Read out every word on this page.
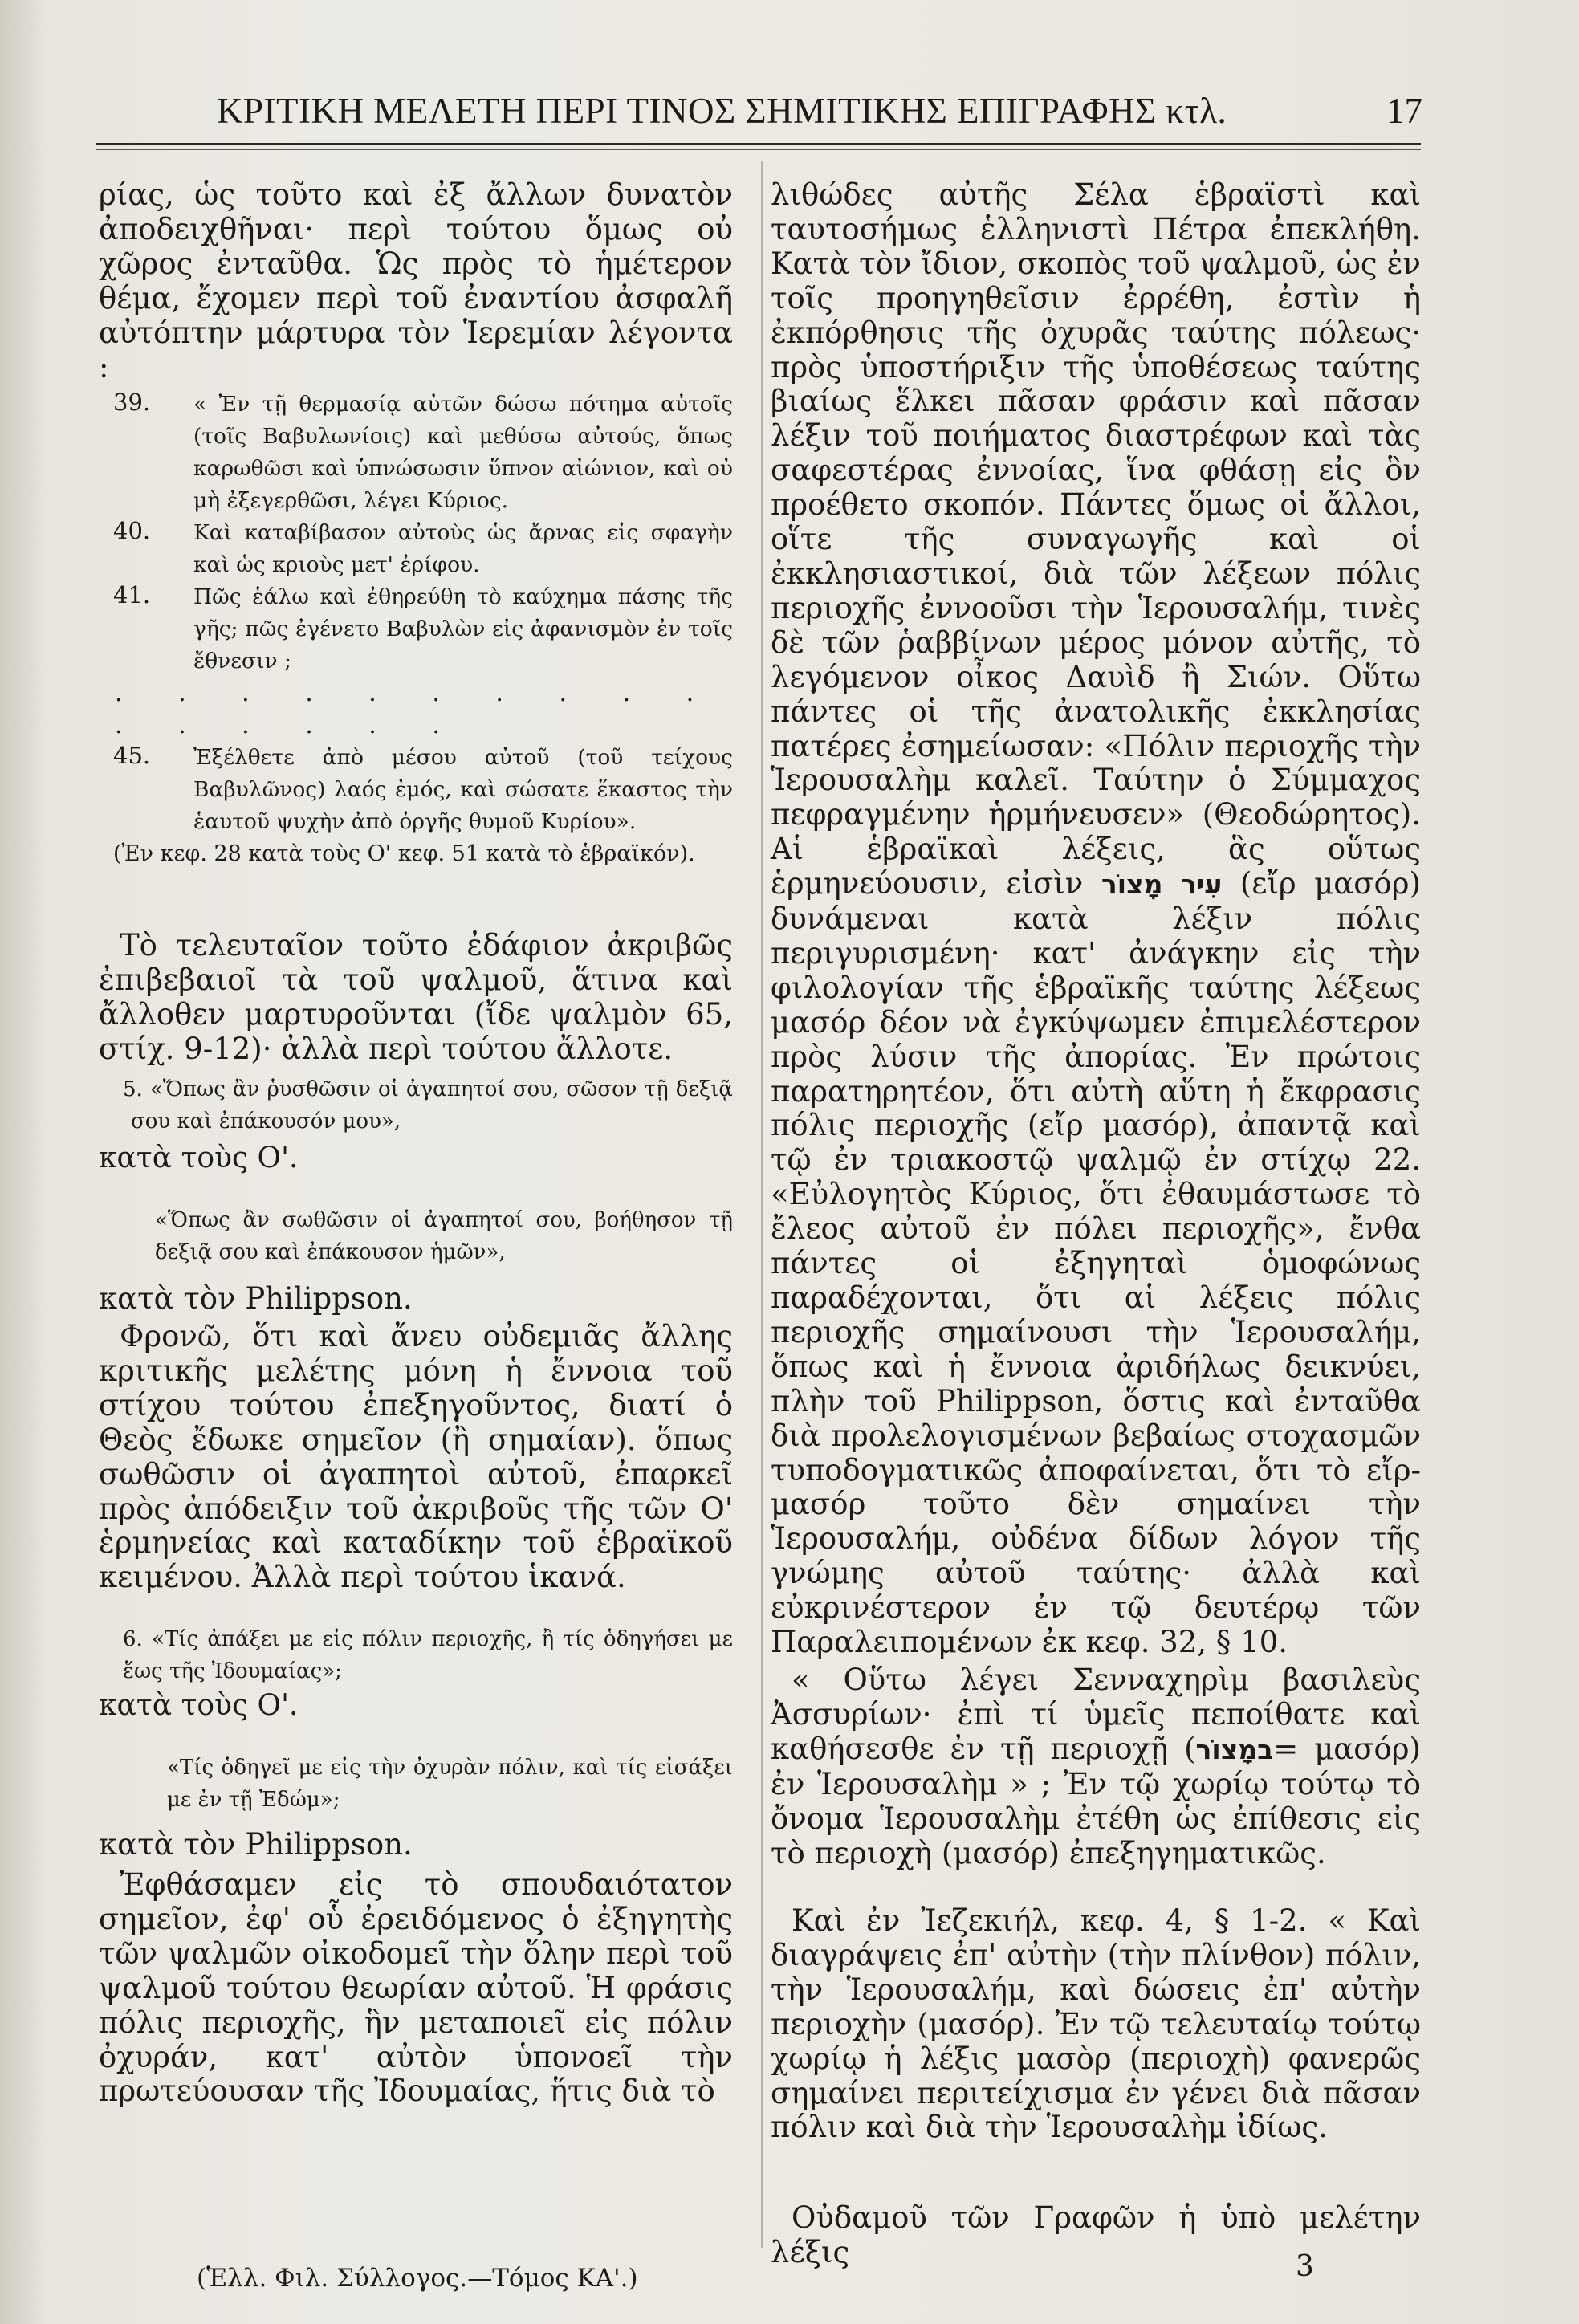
ΚΡΙΤΙΚΗ ΜΕΛΕΤΗ ΠΕΡΙ ΤΙΝΟΣ ΣΗΜΙΤΙΚΗΣ ΕΠΙΓΡΑΦΗΣ κτλ.	17

ρίας, ὡς τοῦτο καὶ ἐξ ἄλλων δυνατὸν ἀποδειχθῆναι· περὶ τούτου ὅμως οὐ χῶρος ἐνταῦθα. Ὡς πρὸς τὸ ἡμέτερον θέμα, ἔχομεν περὶ τοῦ ἐναντίου ἀσφαλῆ αὐτόπτην μάρτυρα τὸν Ἱερεμίαν λέγοντα :

39. « Ἐν τῇ θερμασίᾳ αὐτῶν δώσω πότημα αὐτοῖς (τοῖς Βαβυλωνίοις) καὶ μεθύσω αὐτούς, ὅπως καρωθῶσι καὶ ὑπνώσωσιν ὕπνον αἰώνιον, καὶ οὐ μὴ ἐξεγερθῶσι, λέγει Κύριος.

40. Καὶ καταβίβασον αὐτοὺς ὡς ἄρνας εἰς σφαγὴν καὶ ὡς κριοὺς μετ' ἐρίφου.

41. Πῶς ἑάλω καὶ ἐθηρεύθη τὸ καύχημα πάσης τῆς γῆς; πῶς ἐγένετο Βαβυλὼν εἰς ἀφανισμὸν ἐν τοῖς ἔθνεσιν ;

. . . . . . . . . . . . . . . .
45. Ἐξέλθετε ἀπὸ μέσου αὐτοῦ (τοῦ τείχους Βαβυλῶνος) λαός ἐμός, καὶ σώσατε ἕκαστος τὴν ἑαυτοῦ ψυχὴν ἀπὸ ὀργῆς θυμοῦ Κυρίου».

(Ἐν κεφ. 28 κατὰ τοὺς Ο' κεφ. 51 κατὰ τὸ ἑβραϊκόν).

Τὸ τελευταῖον τοῦτο ἐδάφιον ἀκριβῶς ἐπιβεβαιοῖ τὰ τοῦ ψαλμοῦ, ἅτινα καὶ ἄλλοθεν μαρτυροῦνται (ἴδε ψαλμὸν 65, στίχ. 9-12)· ἀλλὰ περὶ τούτου ἄλλοτε.

5. «Ὅπως ἂν ῥυσθῶσιν οἱ ἀγαπητοί σου, σῶσον τῇ δεξιᾷ σου καὶ ἐπάκουσόν μου»,

κατὰ τοὺς Ο'.

«Ὅπως ἂν σωθῶσιν οἱ ἀγαπητοί σου, βοήθησον τῇ δεξιᾷ σου καὶ ἐπάκουσον ἡμῶν»,

κατὰ τὸν Philippson.

Φρονῶ, ὅτι καὶ ἄνευ οὐδεμιᾶς ἄλλης κριτικῆς μελέτης μόνη ἡ ἔννοια τοῦ στίχου τούτου ἐπεξηγοῦντος, διατί ὁ Θεὸς ἔδωκε σημεῖον (ἢ σημαίαν). ὅπως σωθῶσιν οἱ ἀγαπητοὶ αὐτοῦ, ἐπαρκεῖ πρὸς ἀπόδειξιν τοῦ ἀκριβοῦς τῆς τῶν Ο' ἑρμηνείας καὶ καταδίκην τοῦ ἑβραϊκοῦ κειμένου. Ἀλλὰ περὶ τούτου ἱκανά.

6. «Τίς ἀπάξει με εἰς πόλιν περιοχῆς, ἢ τίς ὁδηγήσει με ἕως τῆς Ἰδουμαίας»;

κατὰ τοὺς Ο'.

«Τίς ὁδηγεῖ με εἰς τὴν ὀχυρὰν πόλιν, καὶ τίς εἰσάξει με ἐν τῇ Ἐδώμ»;

κατὰ τὸν Philippson.

Ἐφθάσαμεν εἰς τὸ σπουδαιότατον σημεῖον, ἐφ' οὗ ἐρειδόμενος ὁ ἐξηγητὴς τῶν ψαλμῶν οἰκοδομεῖ τὴν ὅλην περὶ τοῦ ψαλμοῦ τούτου θεωρίαν αὐτοῦ. Ἡ φράσις πόλις περιοχῆς, ἣν μεταποιεῖ εἰς πόλιν ὀχυράν, κατ' αὐτὸν ὑπονοεῖ τὴν πρωτεύουσαν τῆς Ἰδουμαίας, ἥτις διὰ τὸ

(Ἑλλ. Φιλ. Σύλλογος.—Τόμος ΚΑ'.)

λιθώδες αὐτῆς Σέλα ἑβραϊστὶ καὶ ταυτοσήμως ἑλληνιστὶ Πέτρα ἐπεκλήθη. Κατὰ τὸν ἴδιον, σκοπὸς τοῦ ψαλμοῦ, ὡς ἐν τοῖς προηγηθεῖσιν ἐρρέθη, ἐστὶν ἡ ἐκπόρθησις τῆς ὀχυρᾶς ταύτης πόλεως· πρὸς ὑποστήριξιν τῆς ὑποθέσεως ταύτης βιαίως ἕλκει πᾶσαν φράσιν καὶ πᾶσαν λέξιν τοῦ ποιήματος διαστρέφων καὶ τὰς σαφεστέρας ἐννοίας, ἵνα φθάσῃ εἰς ὃν προέθετο σκοπόν. Πάντες ὅμως οἱ ἄλλοι, οἵτε τῆς συναγωγῆς καὶ οἱ ἐκκλησιαστικοί, διὰ τῶν λέξεων πόλις περιοχῆς ἐννοοῦσι τὴν Ἱερουσαλήμ, τινὲς δὲ τῶν ῥαββίνων μέρος μόνον αὐτῆς, τὸ λεγόμενον οἶκος Δαυὶδ ἢ Σιών. Οὕτω πάντες οἱ τῆς ἀνατολικῆς ἐκκλησίας πατέρες ἐσημείωσαν: «Πόλιν περιοχῆς τὴν Ἱερουσαλὴμ καλεῖ. Ταύτην ὁ Σύμμαχος πεφραγμένην ἡρμήνευσεν» (Θεοδώρητος). Αἱ ἑβραϊκαὶ λέξεις, ἃς οὕτως ἑρμηνεύουσιν, εἰσὶν עִיר מָצוֹר (εἴρ μασόρ) δυνάμεναι κατὰ λέξιν πόλις περιγυρισμένη· κατ' ἀνάγκην εἰς τὴν φιλολογίαν τῆς ἑβραϊκῆς ταύτης λέξεως μασόρ δέον νὰ ἐγκύψωμεν ἐπιμελέστερον πρὸς λύσιν τῆς ἀπορίας. Ἐν πρώτοις παρατηρητέον, ὅτι αὐτὴ αὕτη ἡ ἔκφρασις πόλις περιοχῆς (εἴρ μασόρ), ἀπαντᾷ καὶ τῷ ἐν τριακοστῷ ψαλμῷ ἐν στίχῳ 22. «Εὐλογητὸς Κύριος, ὅτι ἐθαυμάστωσε τὸ ἔλεος αὐτοῦ ἐν πόλει περιοχῆς», ἔνθα πάντες οἱ ἐξηγηταὶ ὁμοφώνως παραδέχονται, ὅτι αἱ λέξεις πόλις περιοχῆς σημαίνουσι τὴν Ἱερουσαλήμ, ὅπως καὶ ἡ ἔννοια ἀριδήλως δεικνύει, πλὴν τοῦ Philippson, ὅστις καὶ ἐνταῦθα διὰ προλελογισμένων βεβαίως στοχασμῶν τυποδογματικῶς ἀποφαίνεται, ὅτι τὸ εἴρ-μασόρ τοῦτο δὲν σημαίνει τὴν Ἱερουσαλήμ, οὐδένα δίδων λόγον τῆς γνώμης αὐτοῦ ταύτης· ἀλλὰ καὶ εὐκρινέστερον ἐν τῷ δευτέρῳ τῶν Παραλειπομένων ἐκ κεφ. 32, § 10.

« Οὕτω λέγει Σενναχηρὶμ βασιλεὺς Ἀσσυρίων· ἐπὶ τί ὑμεῖς πεποίθατε καὶ καθήσεσθε ἐν τῇ περιοχῇ (במָצוֹר= μασόρ) ἐν Ἱερουσαλὴμ » ; Ἐν τῷ χωρίῳ τούτῳ τὸ ὄνομα Ἱερουσαλὴμ ἐτέθη ὡς ἐπίθεσις εἰς τὸ περιοχὴ (μασόρ) ἐπεξηγηματικῶς.

Καὶ ἐν Ἰεζεκιήλ, κεφ. 4, § 1-2. « Καὶ διαγράψεις ἐπ' αὐτὴν (τὴν πλίνθον) πόλιν, τὴν Ἱερουσαλήμ, καὶ δώσεις ἐπ' αὐτὴν περιοχὴν (μασόρ). Ἐν τῷ τελευταίῳ τούτῳ χωρίῳ ἡ λέξις μασὸρ (περιοχὴ) φανερῶς σημαίνει περιτείχισμα ἐν γένει διὰ πᾶσαν πόλιν καὶ διὰ τὴν Ἱερουσαλὴμ ἰδίως.

Οὐδαμοῦ τῶν Γραφῶν ἡ ὑπὸ μελέτην λέξις	3
